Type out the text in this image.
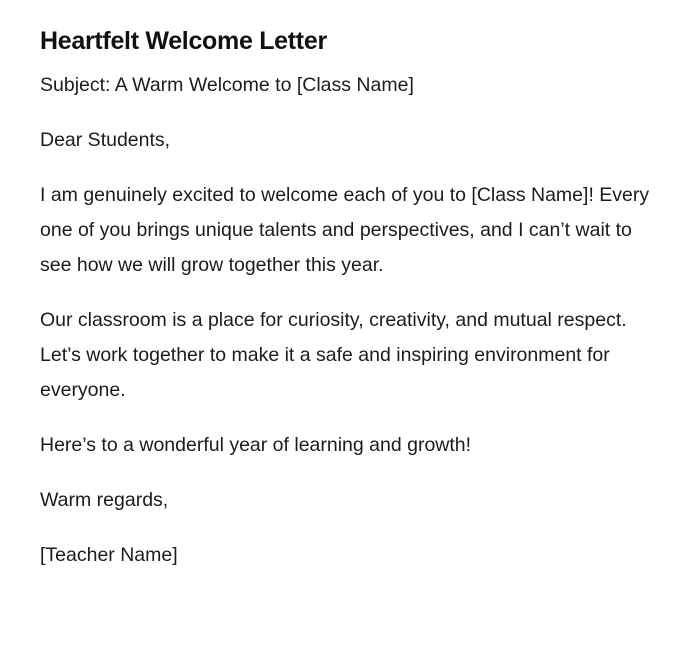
Heartfelt Welcome Letter

Subject: A Warm Welcome to [Class Name]

Dear Students,

I am genuinely excited to welcome each of you to [Class Name]! Every one of you brings unique talents and perspectives, and I can’t wait to see how we will grow together this year.

Our classroom is a place for curiosity, creativity, and mutual respect. Let’s work together to make it a safe and inspiring environment for everyone.

Here’s to a wonderful year of learning and growth!

Warm regards,

[Teacher Name]
